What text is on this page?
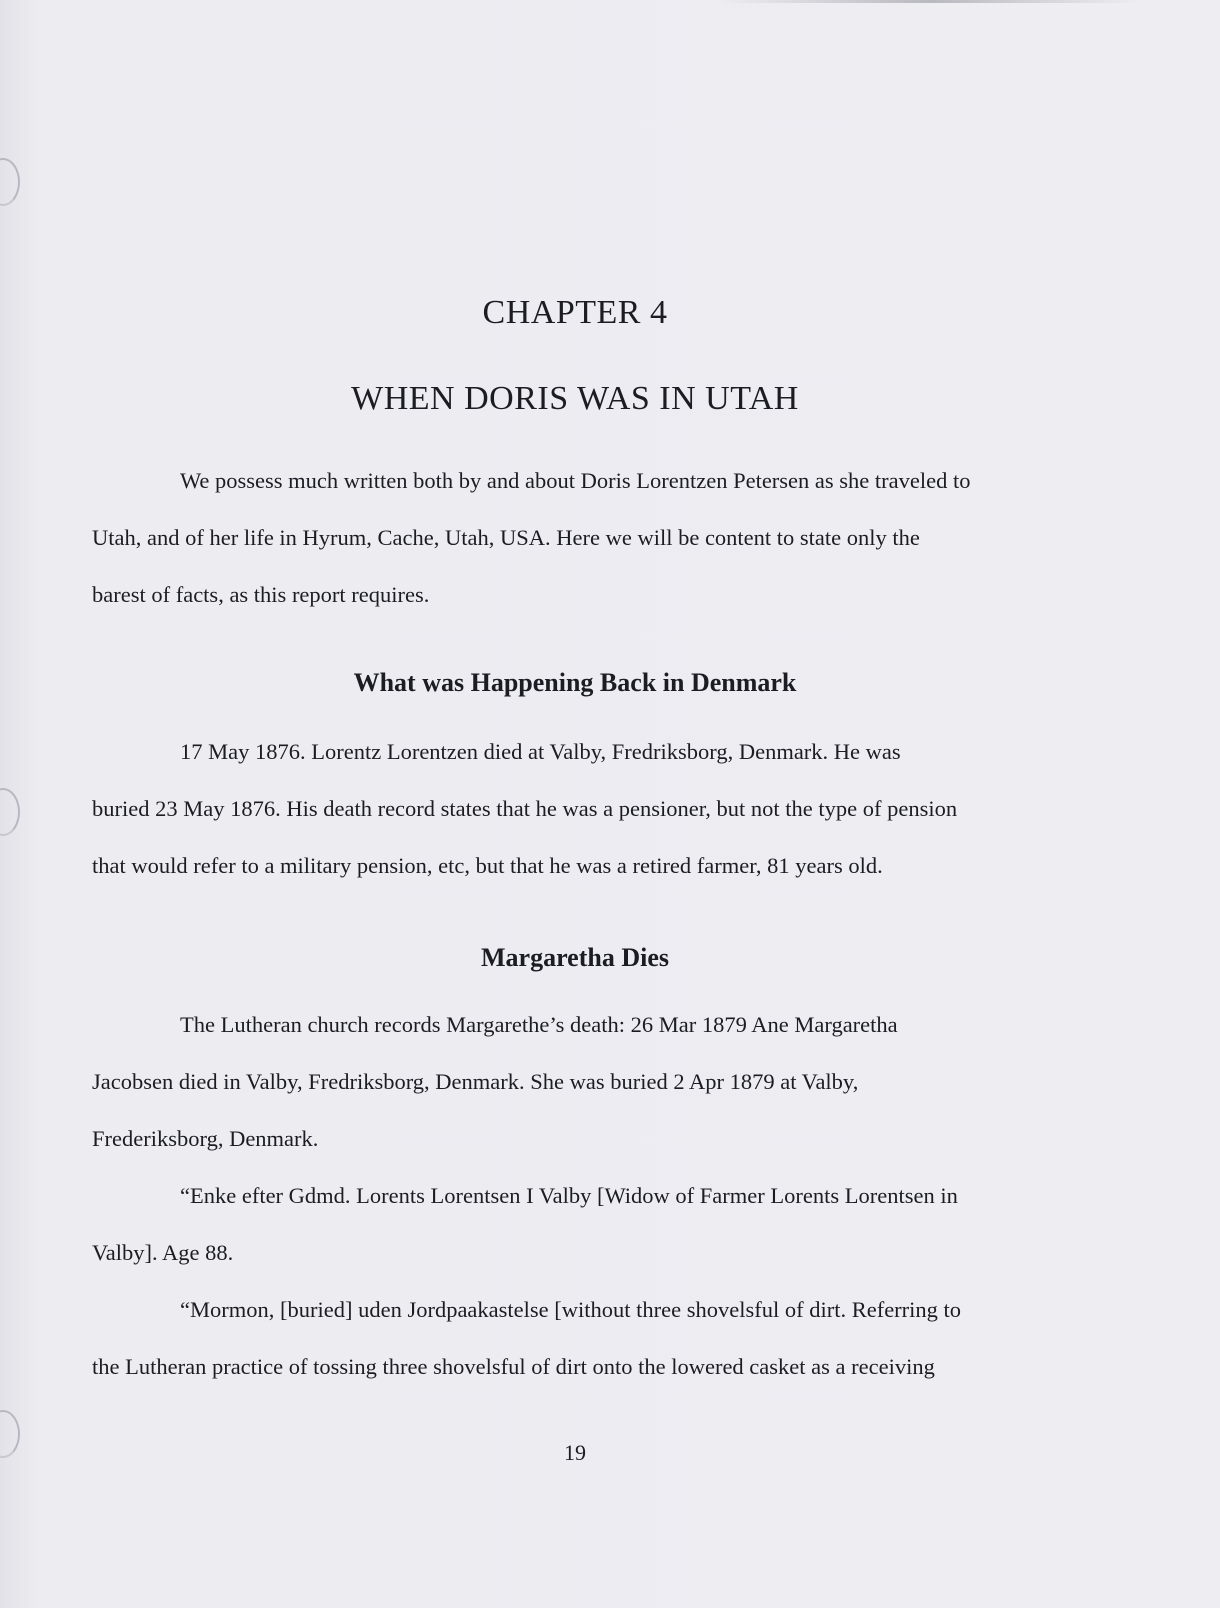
CHAPTER 4
WHEN DORIS WAS IN UTAH

We possess much written both by and about Doris Lorentzen Petersen as she traveled to
Utah, and of her life in Hyrum, Cache, Utah, USA. Here we will be content to state only the
barest of facts, as this report requires.

What was Happening Back in Denmark

17 May 1876. Lorentz Lorentzen died at Valby, Fredriksborg, Denmark. He was
buried 23 May 1876. His death record states that he was a pensioner, but not the type of pension
that would refer to a military pension, etc, but that he was a retired farmer, 81 years old.

Margaretha Dies

The Lutheran church records Margarethe’s death: 26 Mar 1879 Ane Margaretha
Jacobsen died in Valby, Fredriksborg, Denmark. She was buried 2 Apr 1879 at Valby,
Frederiksborg, Denmark.

“Enke efter Gdmd. Lorents Lorentsen I Valby [Widow of Farmer Lorents Lorentsen in
Valby]. Age 88.

“Mormon, [buried] uden Jordpaakastelse [without three shovelsful of dirt. Referring to
the Lutheran practice of tossing three shovelsful of dirt onto the lowered casket as a receiving

19
